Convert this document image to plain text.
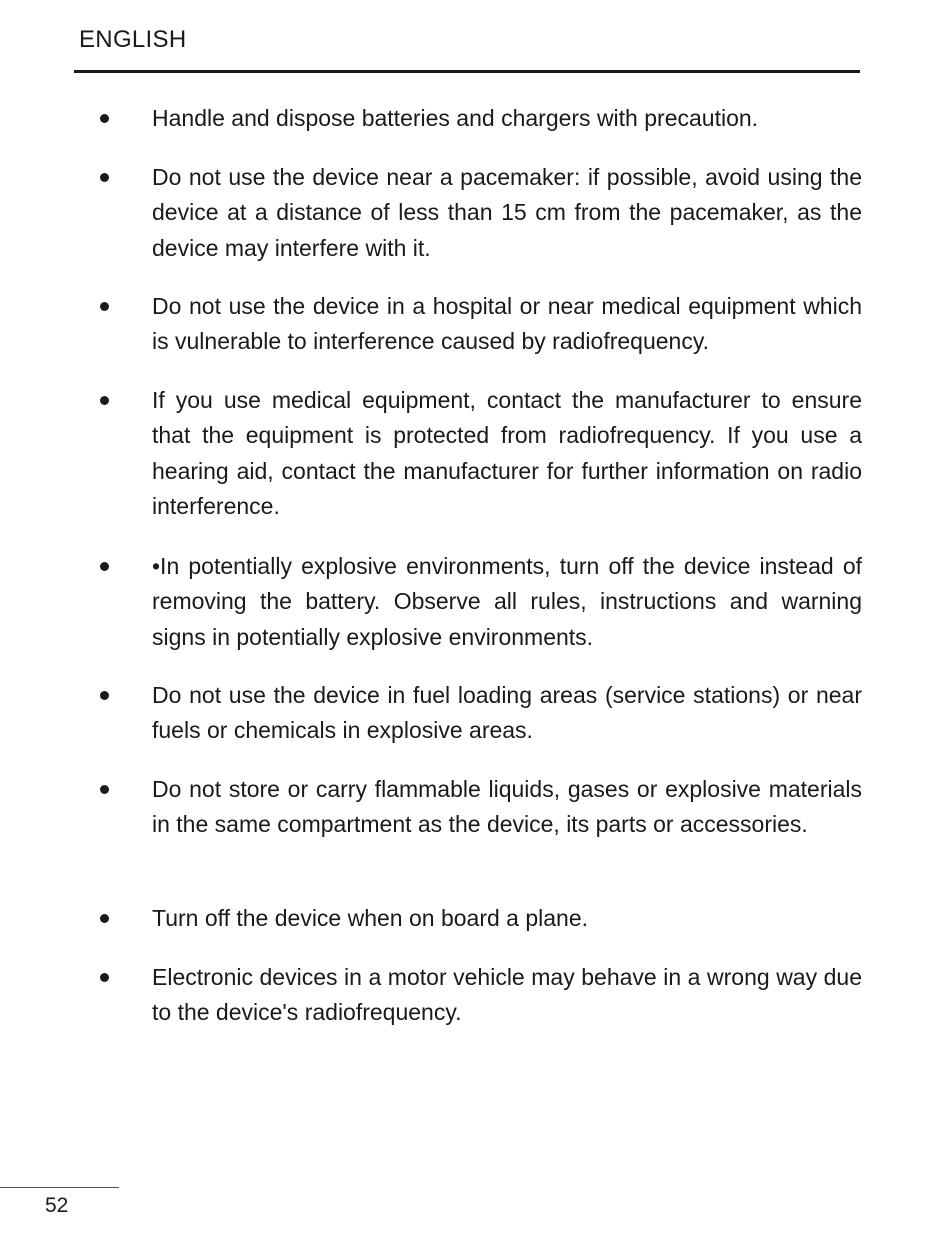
ENGLISH

Handle and dispose batteries and chargers with precaution.

Do not use the device near a pacemaker: if possible, avoid using the device at a distance of less than 15 cm from the pacemaker, as the device may interfere with it.

Do not use the device in a hospital or near medical equipment which is vulnerable to interference caused by radiofrequency.

If you use medical equipment, contact the manufacturer to ensure that the equipment is protected from radiofrequency. If you use a hearing aid, contact the manufacturer for further information on radio interference.

•In potentially explosive environments, turn off the device instead of removing the battery. Observe all rules, instructions and warning signs in potentially explosive environments.

Do not use the device in fuel loading areas (service stations) or near fuels or chemicals in explosive areas.

Do not store or carry flammable liquids, gases or explosive materials in the same compartment as the device, its parts or accessories.

Turn off the device when on board a plane.

Electronic devices in a motor vehicle may behave in a wrong way due to the device's radiofrequency.

52
